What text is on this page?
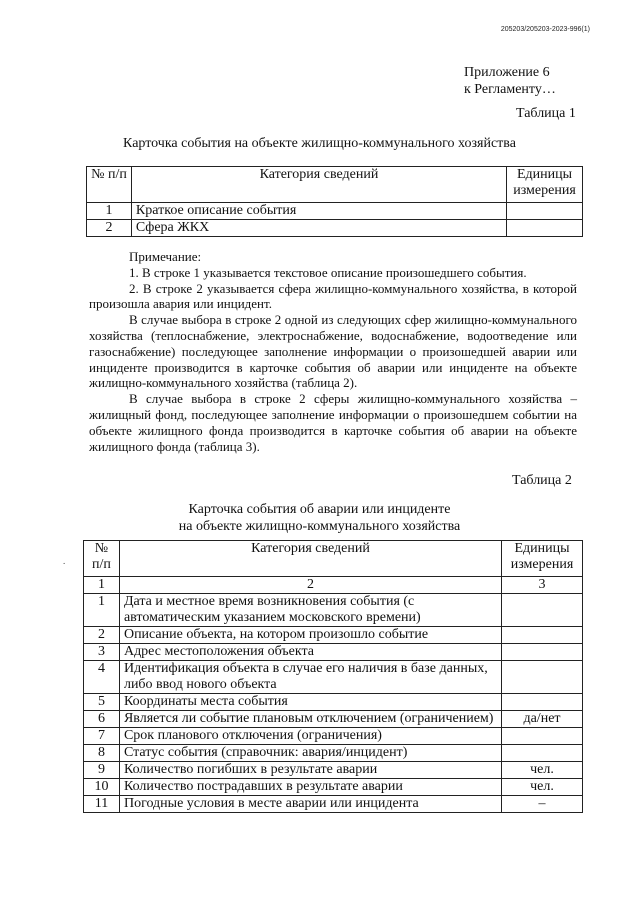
205203/205203-2023-996(1)
Приложение 6
к Регламенту…
Таблица 1
Карточка события на объекте жилищно-коммунального хозяйства
№ п/п	Категория сведений	Единицы измерения
1	Краткое описание события	
2	Сфера ЖКХ	

Примечание:

1. В строке 1 указывается текстовое описание произошедшего события.

2. В строке 2 указывается сфера жилищно-коммунального хозяйства, в которой произошла авария или инцидент.

В случае выбора в строке 2 одной из следующих сфер жилищно-коммунального хозяйства (теплоснабжение, электроснабжение, водоснабжение, водоотведение или газоснабжение) последующее заполнение информации о произошедшей аварии или инциденте производится в карточке события об аварии или инциденте на объекте жилищно-коммунального хозяйства (таблица 2).

В случае выбора в строке 2 сферы жилищно-коммунального хозяйства – жилищный фонд, последующее заполнение информации о произошедшем событии на объекте жилищного фонда производится в карточке события об аварии на объекте жилищного фонда (таблица 3).

Таблица 2
Карточка события об аварии или инциденте
на объекте жилищно-коммунального хозяйства
.
№ п/п	Категория сведений	Единицы измерения
1	2	3
1	Дата и местное время возникновения события (с автоматическим указанием московского времени)	
2	Описание объекта, на котором произошло событие	
3	Адрес местоположения объекта	
4	Идентификация объекта в случае его наличия в базе данных, либо ввод нового объекта	
5	Координаты места события	
6	Является ли событие плановым отключением (ограничением)	да/нет
7	Срок планового отключения (ограничения)	
8	Статус события (справочник: авария/инцидент)	
9	Количество погибших в результате аварии	чел.
10	Количество пострадавших в результате аварии	чел.
11	Погодные условия в месте аварии или инцидента	–
